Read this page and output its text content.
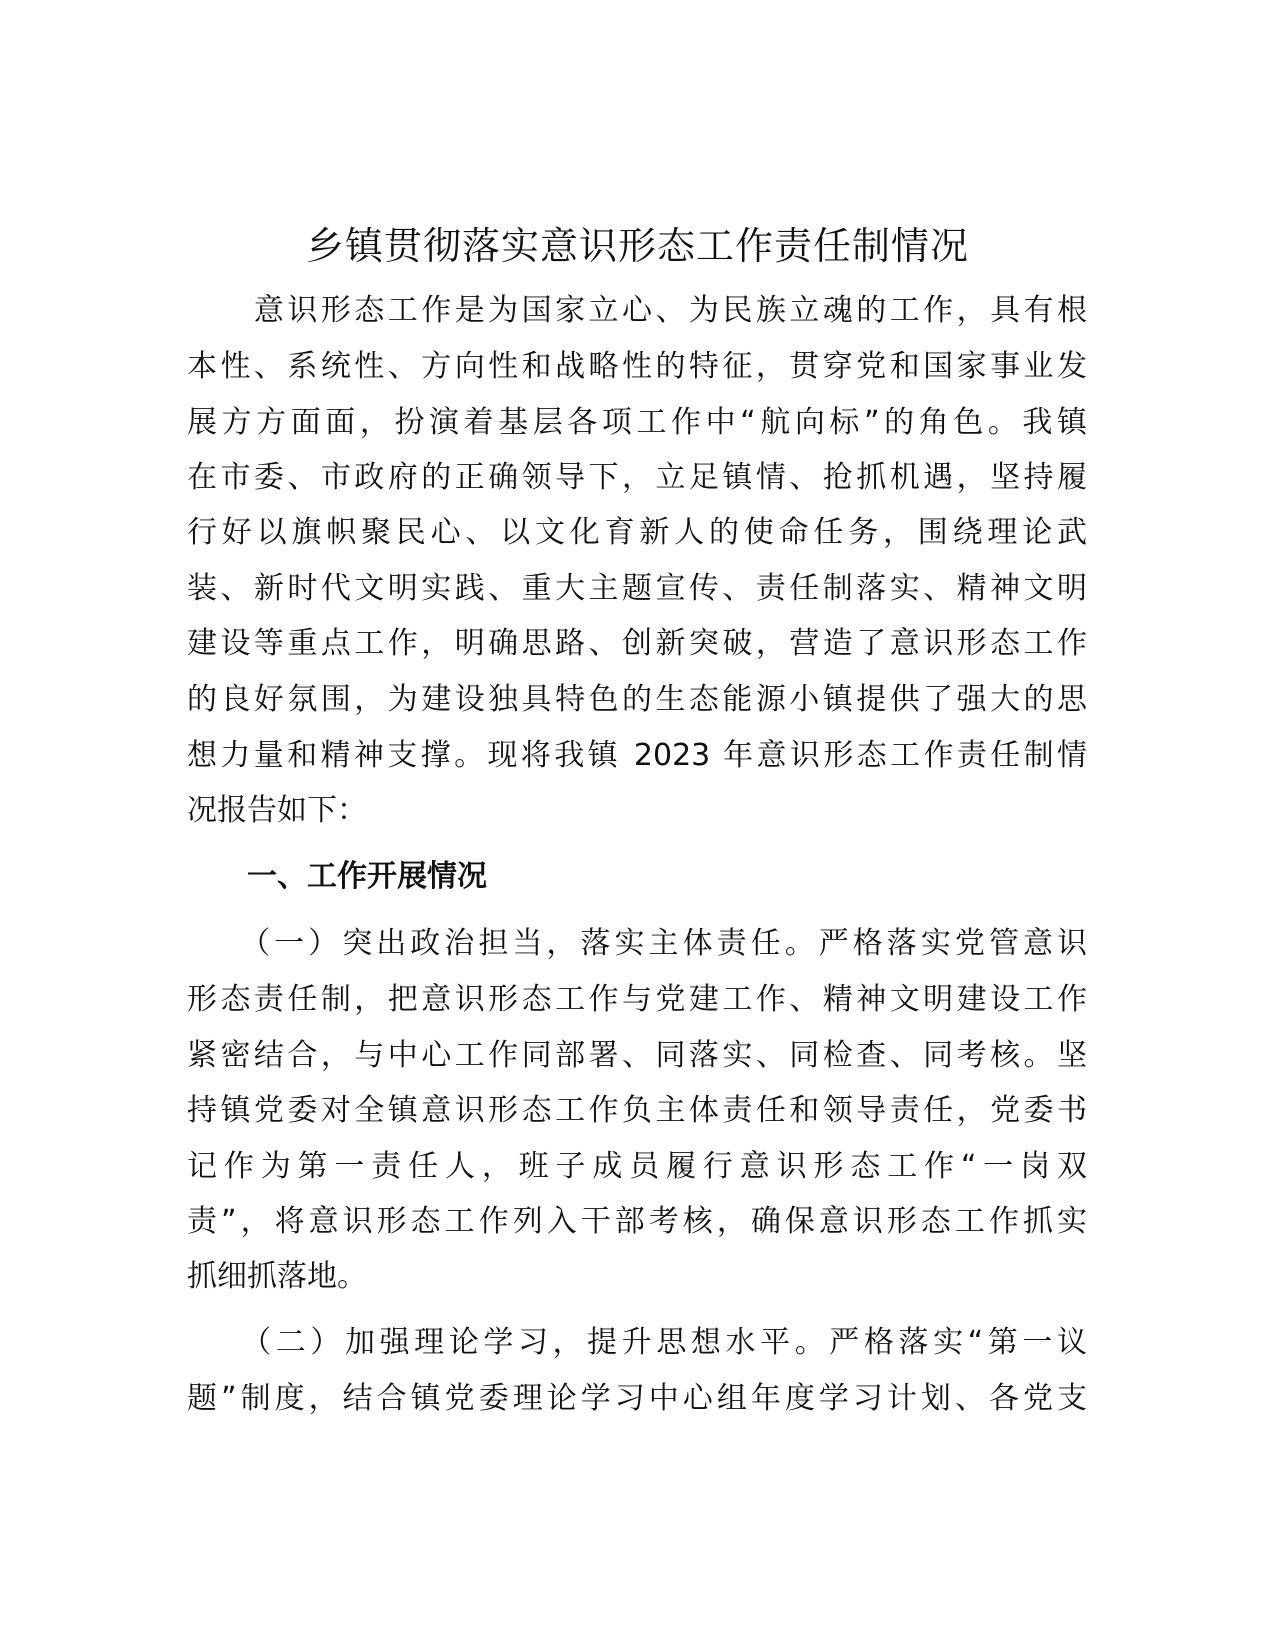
乡镇贯彻落实意识形态工作责任制情况
　　意识形态工作是为国家立心、为民族立魂的工作，具有根
本性、系统性、方向性和战略性的特征，贯穿党和国家事业发
展方方面面，扮演着基层各项工作中“航向标”的角色。我镇
在市委、市政府的正确领导下，立足镇情、抢抓机遇，坚持履
行好以旗帜聚民心、以文化育新人的使命任务，围绕理论武
装、新时代文明实践、重大主题宣传、责任制落实、精神文明
建设等重点工作，明确思路、创新突破，营造了意识形态工作
的良好氛围，为建设独具特色的生态能源小镇提供了强大的思
想力量和精神支撑。现将我镇 2023 年意识形态工作责任制情
况报告如下：
　　一、工作开展情况
　　（一）突出政治担当，落实主体责任。严格落实党管意识
形态责任制，把意识形态工作与党建工作、精神文明建设工作
紧密结合，与中心工作同部署、同落实、同检查、同考核。坚
持镇党委对全镇意识形态工作负主体责任和领导责任，党委书
记作为第一责任人，班子成员履行意识形态工作“一岗双
责”，将意识形态工作列入干部考核，确保意识形态工作抓实
抓细抓落地。
　　（二）加强理论学习，提升思想水平。严格落实“第一议
题”制度，结合镇党委理论学习中心组年度学习计划、各党支
